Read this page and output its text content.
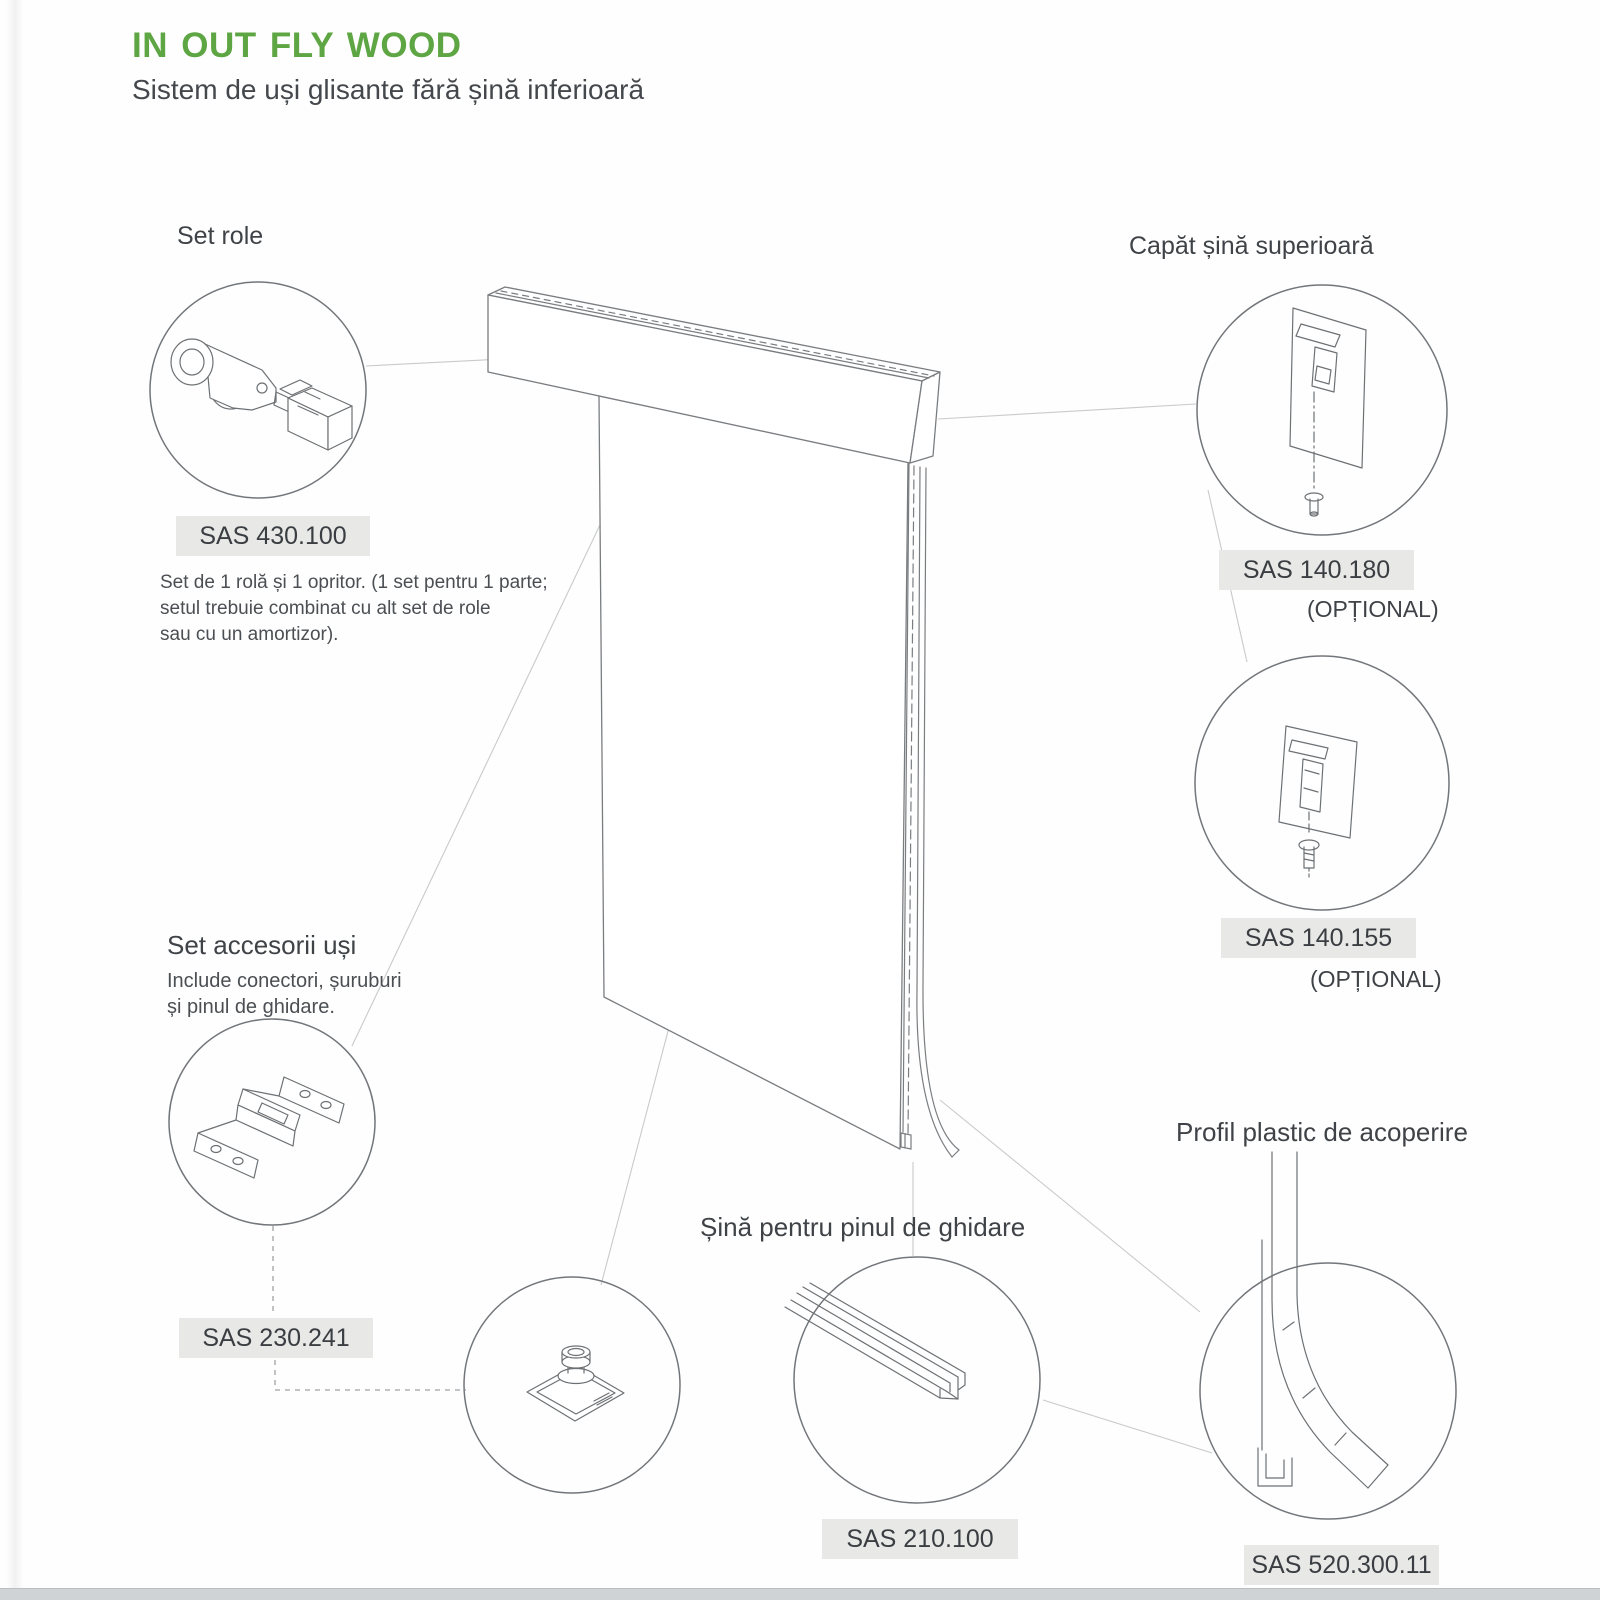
IN OUT FLY WOOD
Sistem de uși glisante fără șină inferioară
Set role
SAS 430.100
Set de 1 rolă și 1 opritor. (1 set pentru 1 parte;
setul trebuie combinat cu alt set de role
sau cu un amortizor).
Capăt șină superioară
SAS 140.180
(OPȚIONAL)
SAS 140.155
(OPȚIONAL)
Set accesorii uși
Include conectori, șuruburi
și pinul de ghidare.
SAS 230.241
Șină pentru pinul de ghidare
SAS 210.100
Profil plastic de acoperire
SAS 520.300.11
